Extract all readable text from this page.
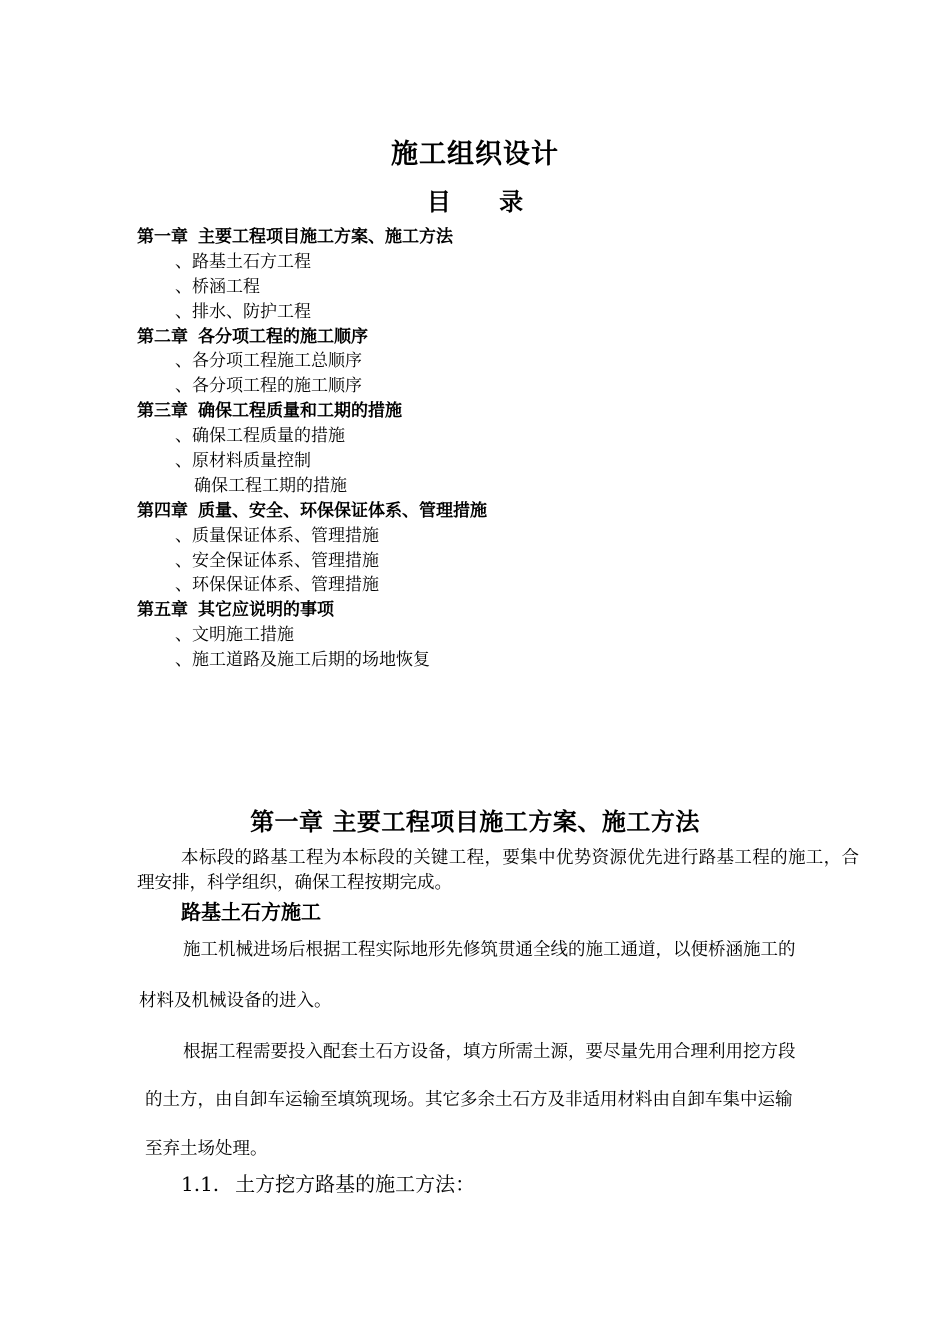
施工组织设计
目 录
第一章 主要工程项目施工方案、施工方法
、路基土石方工程
、桥涵工程
、排水、防护工程
第二章 各分项工程的施工顺序
、各分项工程施工总顺序
、各分项工程的施工顺序
第三章 确保工程质量和工期的措施
、确保工程质量的措施
、原材料质量控制
确保工程工期的措施
第四章 质量、安全、环保保证体系、管理措施
、质量保证体系、管理措施
、安全保证体系、管理措施
、环保保证体系、管理措施
第五章 其它应说明的事项
、文明施工措施
、施工道路及施工后期的场地恢复
第一章 主要工程项目施工方案、施工方法
本标段的路基工程为本标段的关键工程，要集中优势资源优先进行路基工程的施工，合理安排，科学组织，确保工程按期完成。
路基土石方施工
施工机械进场后根据工程实际地形先修筑贯通全线的施工通道，以便桥涵施工的
材料及机械设备的进入。
根据工程需要投入配套土石方设备，填方所需土源，要尽量先用合理利用挖方段
的土方，由自卸车运输至填筑现场。其它多余土石方及非适用材料由自卸车集中运输
至弃土场处理。
1.1. 土方挖方路基的施工方法：
